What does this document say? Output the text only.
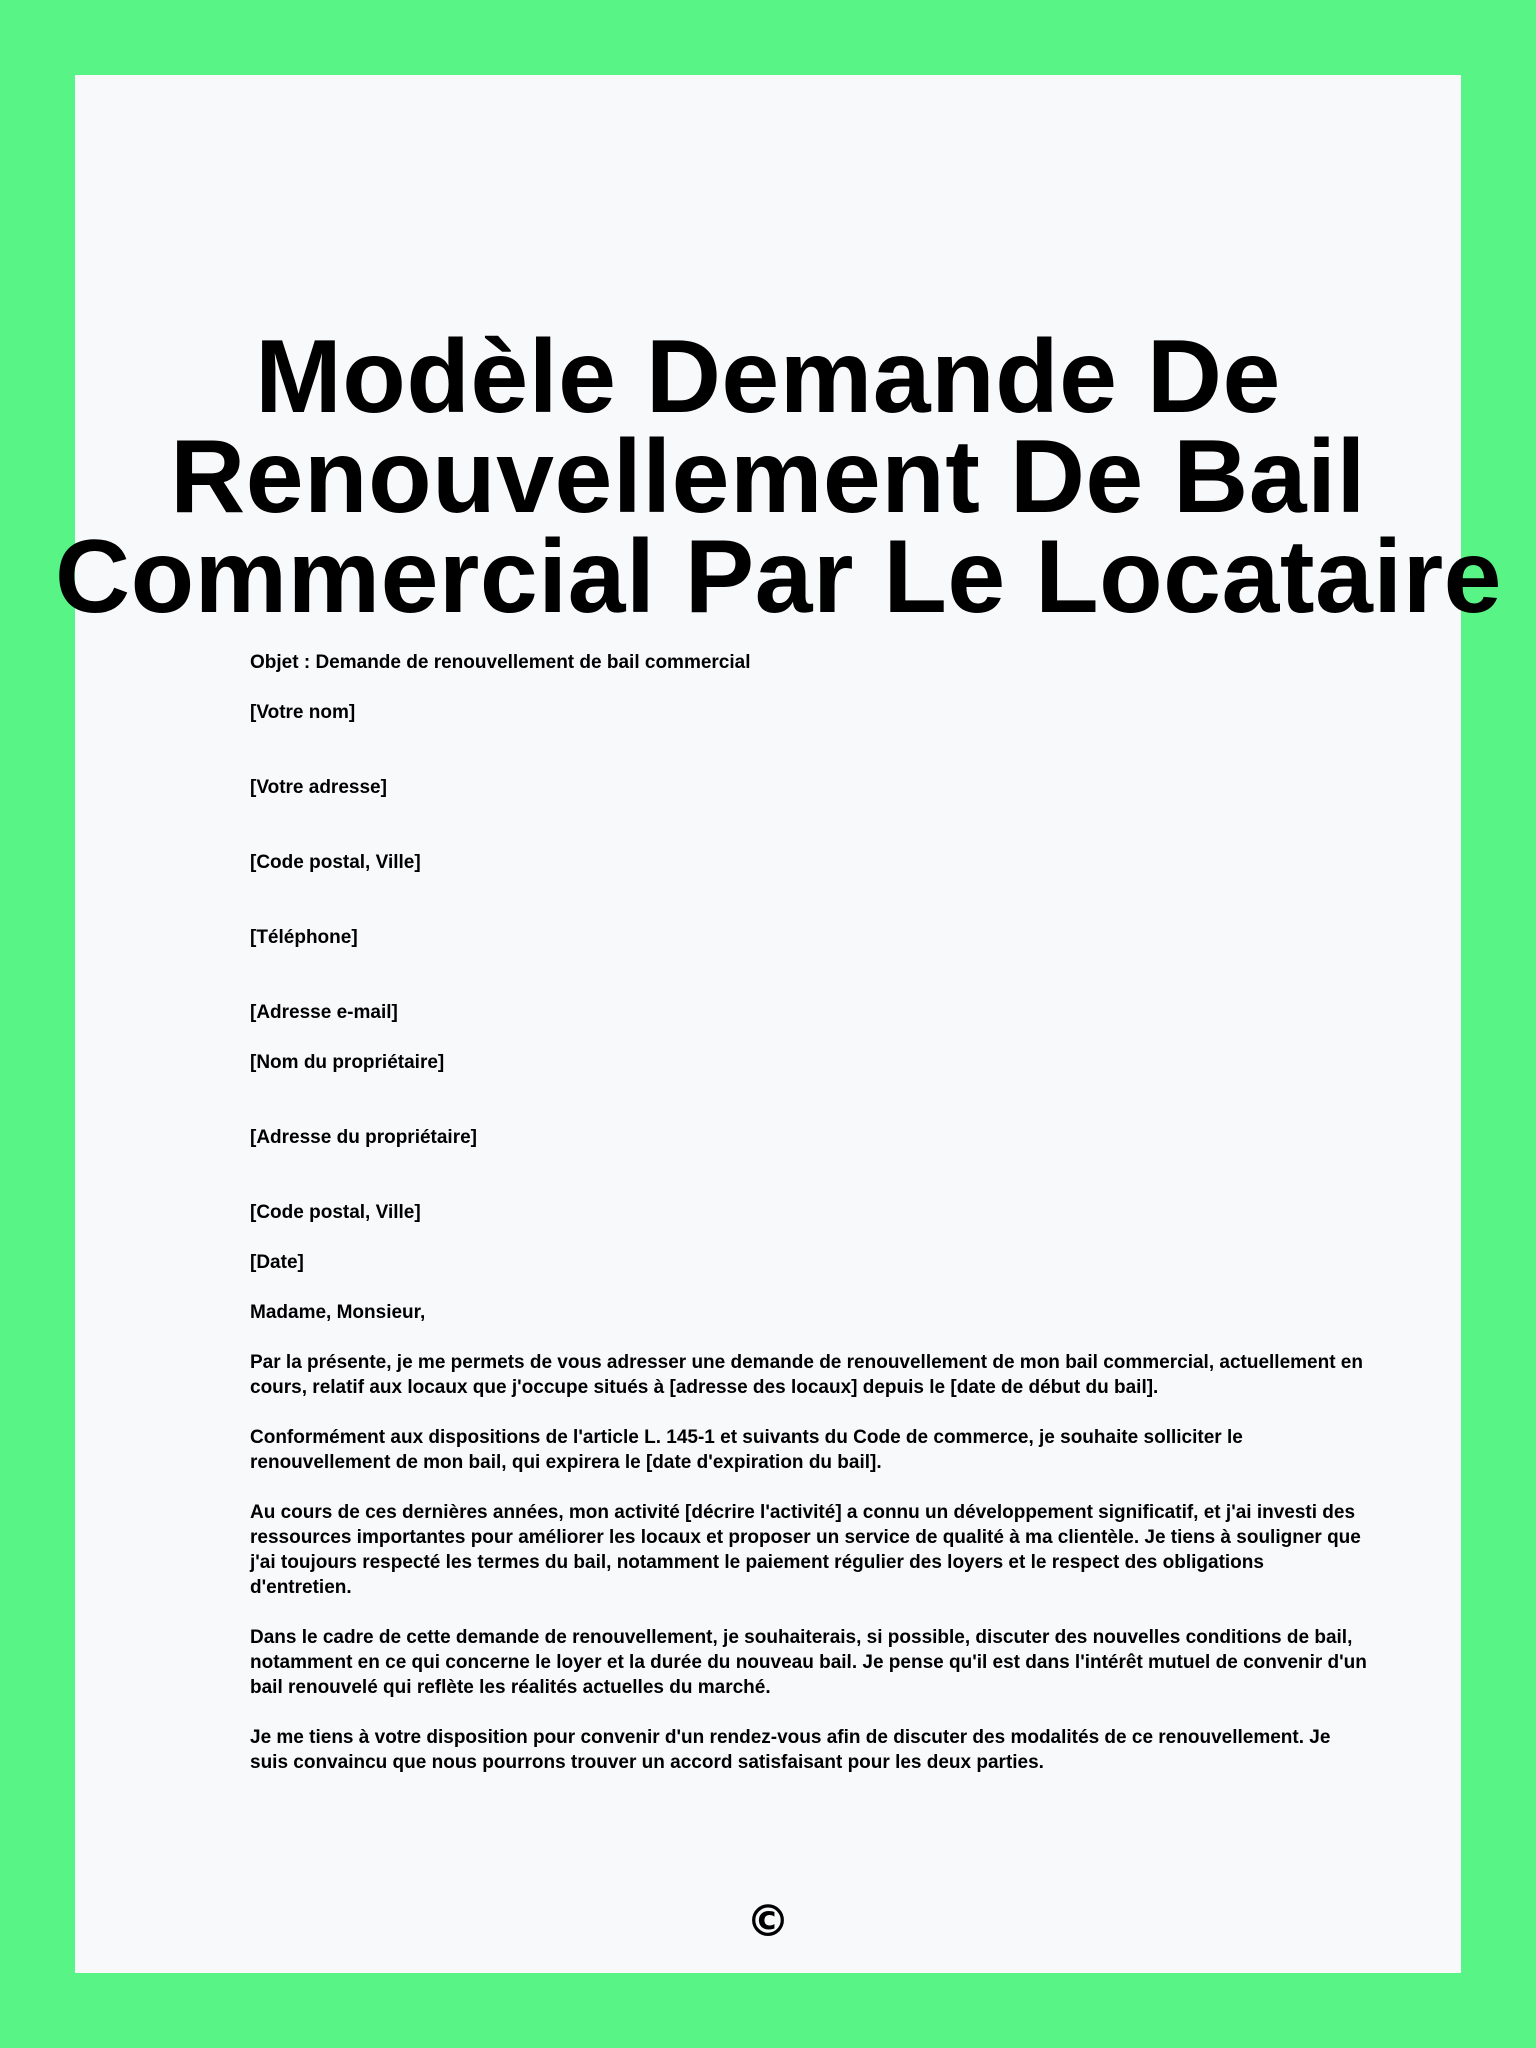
Modèle Demande De
Renouvellement De Bail
Commercial Par Le Locataire

Objet : Demande de renouvellement de bail commercial

[Votre nom]

[Votre adresse]

[Code postal, Ville]

[Téléphone]

[Adresse e-mail]

[Nom du propriétaire]

[Adresse du propriétaire]

[Code postal, Ville]

[Date]

Madame, Monsieur,

Par la présente, je me permets de vous adresser une demande de renouvellement de mon bail commercial, actuellement en cours, relatif aux locaux que j'occupe situés à [adresse des locaux] depuis le [date de début du bail].

Conformément aux dispositions de l'article L. 145-1 et suivants du Code de commerce, je souhaite solliciter le renouvellement de mon bail, qui expirera le [date d'expiration du bail].

Au cours de ces dernières années, mon activité [décrire l'activité] a connu un développement significatif, et j'ai investi des ressources importantes pour améliorer les locaux et proposer un service de qualité à ma clientèle. Je tiens à souligner que j'ai toujours respecté les termes du bail, notamment le paiement régulier des loyers et le respect des obligations d'entretien.

Dans le cadre de cette demande de renouvellement, je souhaiterais, si possible, discuter des nouvelles conditions de bail, notamment en ce qui concerne le loyer et la durée du nouveau bail. Je pense qu'il est dans l'intérêt mutuel de convenir d'un bail renouvelé qui reflète les réalités actuelles du marché.

Je me tiens à votre disposition pour convenir d'un rendez-vous afin de discuter des modalités de ce renouvellement. Je suis convaincu que nous pourrons trouver un accord satisfaisant pour les deux parties.

©
